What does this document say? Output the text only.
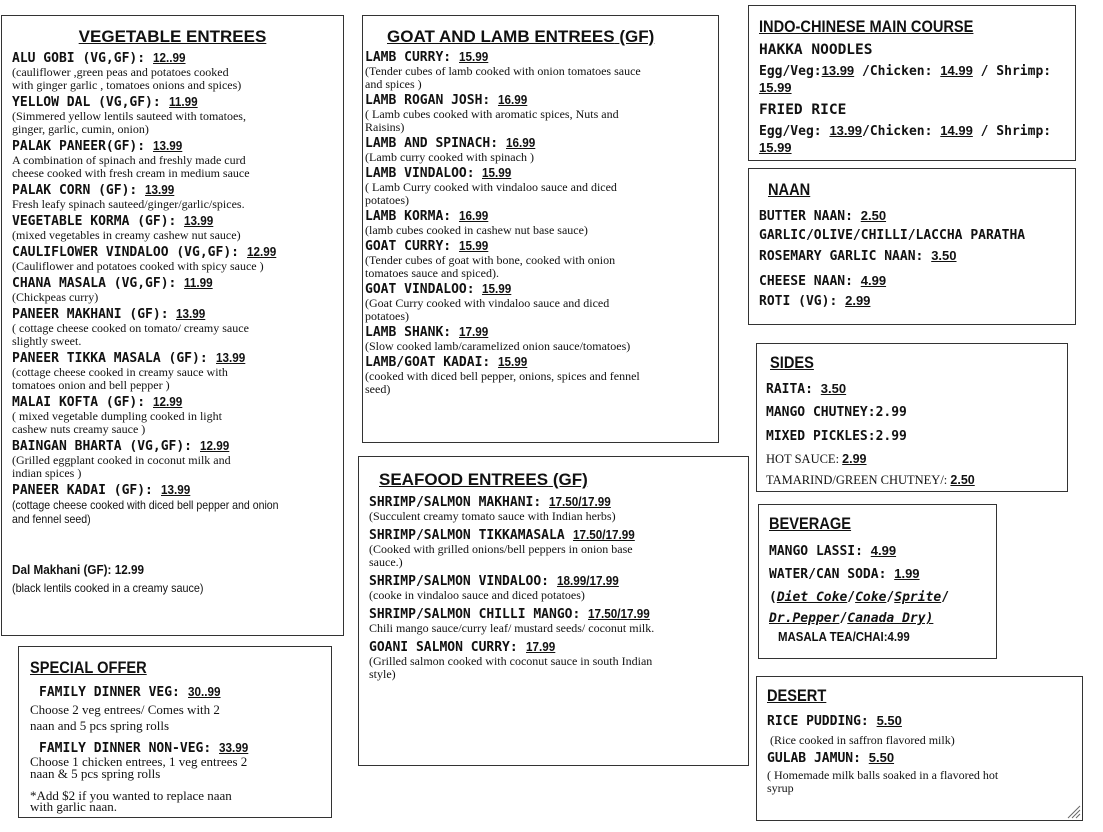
VEGETABLE ENTREES
ALU GOBI (VG,GF): 12..99
(cauliflower ,green peas and potatoes cooked
with ginger garlic , tomatoes onions and spices)
YELLOW DAL (VG,GF): 11.99
(Simmered yellow lentils sauteed with tomatoes,
ginger, garlic, cumin, onion)
PALAK PANEER(GF): 13.99
A combination of spinach and freshly made curd
cheese cooked with fresh cream in medium sauce
PALAK CORN (GF): 13.99
Fresh leafy spinach sauteed/ginger/garlic/spices.
VEGETABLE KORMA (GF): 13.99
(mixed vegetables in creamy cashew nut sauce)
CAULIFLOWER VINDALOO (VG,GF): 12.99
(Cauliflower and potatoes cooked with spicy sauce )
CHANA MASALA (VG,GF): 11.99
(Chickpeas curry)
PANEER MAKHANI (GF): 13.99
( cottage cheese cooked on tomato/ creamy sauce
slightly sweet.
PANEER TIKKA MASALA (GF): 13.99
(cottage cheese cooked in creamy sauce with
tomatoes onion and bell pepper )
MALAI KOFTA (GF): 12.99
( mixed vegetable dumpling cooked in light
cashew nuts creamy sauce )
BAINGAN BHARTA (VG,GF): 12.99
(Grilled eggplant cooked in coconut milk and
indian spices )
PANEER KADAI (GF): 13.99
(cottage cheese cooked with diced bell pepper and onion
and fennel seed)
Dal Makhani (GF): 12.99
(black lentils cooked in a creamy sauce)
GOAT AND LAMB ENTREES (GF)
LAMB CURRY: 15.99
(Tender cubes of lamb cooked with onion tomatoes sauce
and spices )
LAMB ROGAN JOSH: 16.99
( Lamb cubes cooked with aromatic spices, Nuts and
Raisins)
LAMB AND SPINACH: 16.99
(Lamb curry cooked with spinach )
LAMB VINDALOO: 15.99
( Lamb Curry cooked with vindaloo sauce and diced
potatoes)
LAMB KORMA: 16.99
(lamb cubes cooked in cashew nut base sauce)
GOAT CURRY: 15.99
(Tender cubes of goat with bone, cooked with onion
tomatoes sauce and spiced).
GOAT VINDALOO: 15.99
(Goat Curry cooked with vindaloo sauce and diced
potatoes)
LAMB SHANK: 17.99
(Slow cooked lamb/caramelized onion sauce/tomatoes)
LAMB/GOAT KADAI: 15.99
(cooked with diced bell pepper, onions, spices and fennel
seed)
SEAFOOD ENTREES (GF)
SHRIMP/SALMON MAKHANI: 17.50/17.99
(Succulent creamy tomato sauce with Indian herbs)
SHRIMP/SALMON TIKKAMASALA 17.50/17.99
(Cooked with grilled onions/bell peppers in onion base
sauce.)
SHRIMP/SALMON VINDALOO: 18.99/17.99
(cooke in vindaloo sauce and diced potatoes)
SHRIMP/SALMON CHILLI MANGO: 17.50/17.99
Chili mango sauce/curry leaf/ mustard seeds/ coconut milk.
GOANI SALMON CURRY: 17.99
(Grilled salmon cooked with coconut sauce in south Indian
style)
SPECIAL OFFER
FAMILY DINNER VEG: 30..99
Choose 2 veg entrees/ Comes with 2
naan and 5 pcs spring rolls
FAMILY DINNER NON-VEG: 33.99
Choose 1 chicken entrees, 1 veg entrees 2
naan & 5 pcs spring rolls
*Add $2 if you wanted to replace naan
with garlic naan.
INDO-CHINESE MAIN COURSE
HAKKA NOODLES
Egg/Veg:13.99 /Chicken: 14.99 / Shrimp:
15.99
FRIED RICE
Egg/Veg: 13.99/Chicken: 14.99 / Shrimp:
15.99
NAAN
BUTTER NAAN: 2.50
GARLIC/OLIVE/CHILLI/LACCHA PARATHA
ROSEMARY GARLIC NAAN: 3.50
CHEESE NAAN: 4.99
ROTI (VG): 2.99
SIDES
RAITA: 3.50
MANGO CHUTNEY:2.99
MIXED PICKLES:2.99
HOT SAUCE: 2.99
TAMARIND/GREEN CHUTNEY/: 2.50
BEVERAGE
MANGO LASSI: 4.99
WATER/CAN SODA: 1.99
(Diet Coke/Coke/Sprite/
Dr.Pepper/Canada Dry)
MASALA TEA/CHAI:4.99
DESERT
RICE PUDDING: 5.50
(Rice cooked in saffron flavored milk)
GULAB JAMUN: 5.50
( Homemade milk balls soaked in a flavored hot
syrup
